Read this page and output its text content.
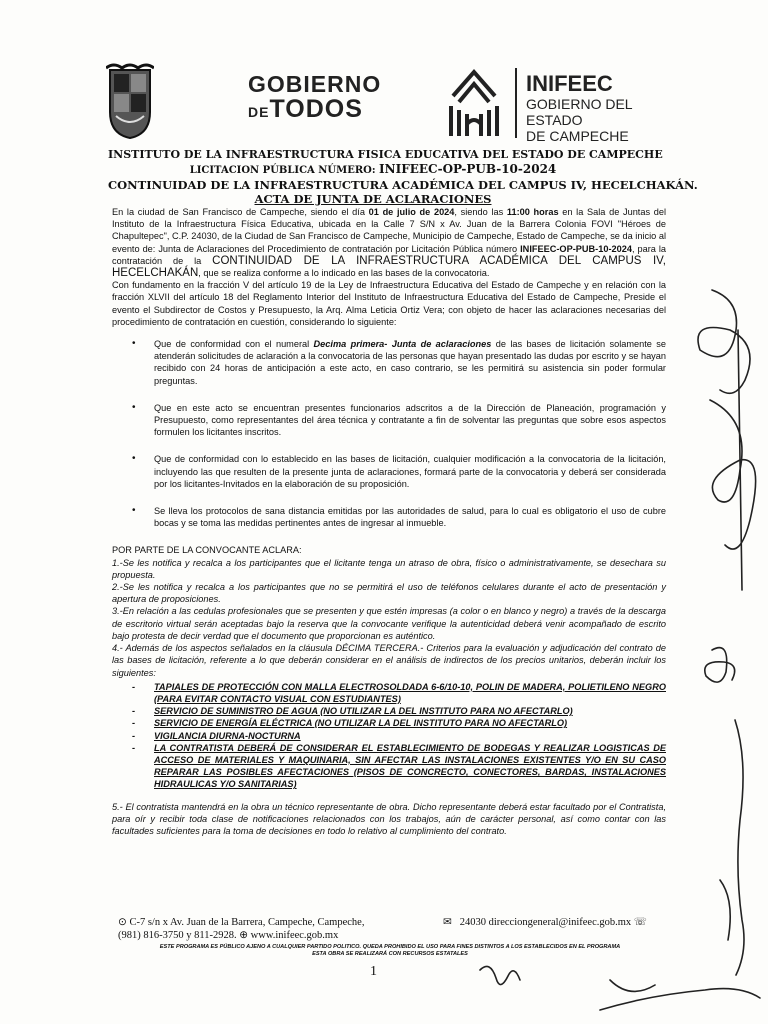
GOBIERNO
DETODOS
INIFEEC
GOBIERNO DEL ESTADO
DE CAMPECHE
INSTITUTO DE LA INFRAESTRUCTURA FISICA EDUCATIVA DEL ESTADO DE CAMPECHE
LICITACION PÚBLICA NÚMERO: INIFEEC-OP-PUB-10-2024
CONTINUIDAD DE LA INFRAESTRUCTURA ACADÉMICA DEL CAMPUS IV, HECELCHAKÁN.
ACTA DE JUNTA DE ACLARACIONES

En la ciudad de San Francisco de Campeche, siendo el día 01 de julio de 2024, siendo las 11:00 horas en la Sala de Juntas del Instituto de la Infraestructura Física Educativa, ubicada en la Calle 7 S/N x Av. Juan de la Barrera Colonia FOVI "Héroes de Chapultepec", C.P. 24030, de la Ciudad de San Francisco de Campeche, Municipio de Campeche, Estado de Campeche, se da inicio al evento de: Junta de Aclaraciones del Procedimiento de contratación por Licitación Pública número INIFEEC-OP-PUB-10-2024, para la contratación de la CONTINUIDAD DE LA INFRAESTRUCTURA ACADÉMICA DEL CAMPUS IV, HECELCHAKÁN, que se realiza conforme a lo indicado en las bases de la convocatoria.

Con fundamento en la fracción V del artículo 19 de la Ley de Infraestructura Educativa del Estado de Campeche y en relación con la fracción XLVII del artículo 18 del Reglamento Interior del Instituto de Infraestructura Educativa del Estado de Campeche, Preside el evento el Subdirector de Costos y Presupuesto, la Arq. Alma Leticia Ortiz Vera; con objeto de hacer las aclaraciones necesarias del procedimiento de contratación en cuestión, considerando lo siguiente:

• Que de conformidad con el numeral Decima primera- Junta de aclaraciones de las bases de licitación solamente se atenderán solicitudes de aclaración a la convocatoria de las personas que hayan presentado las dudas por escrito y se hayan recibido con 24 horas de anticipación a este acto, en caso contrario, se les permitirá su asistencia sin poder formular preguntas.
• Que en este acto se encuentran presentes funcionarios adscritos a de la Dirección de Planeación, programación y Presupuesto, como representantes del área técnica y contratante a fin de solventar las preguntas que sobre esos aspectos formulen los licitantes inscritos.
• Que de conformidad con lo establecido en las bases de licitación, cualquier modificación a la convocatoria de la licitación, incluyendo las que resulten de la presente junta de aclaraciones, formará parte de la convocatoria y deberá ser considerada por los licitantes-Invitados en la elaboración de su proposición.
• Se lleva los protocolos de sana distancia emitidas por las autoridades de salud, para lo cual es obligatorio el uso de cubre bocas y se toma las medidas pertinentes antes de ingresar al inmueble.

POR PARTE DE LA CONVOCANTE ACLARA:

1.-Se les notifica y recalca a los participantes que el licitante tenga un atraso de obra, físico o administrativamente, se desechara su propuesta.

2.-Se les notifica y recalca a los participantes que no se permitirá el uso de teléfonos celulares durante el acto de presentación y apertura de proposiciones.

3.-En relación a las cedulas profesionales que se presenten y que estén impresas (a color o en blanco y negro) a través de la descarga de escritorio virtual serán aceptadas bajo la reserva que la convocante verifique la autenticidad deberá venir acompañado de escrito bajo protesta de decir verdad que el documento que proporcionan es auténtico.

4.- Además de los aspectos señalados en la cláusula DÉCIMA TERCERA.- Criterios para la evaluación y adjudicación del contrato de las bases de licitación, referente a lo que deberán considerar en el análisis de indirectos de los precios unitarios, deberán incluir los siguientes:

- TAPIALES DE PROTECCIÓN CON MALLA ELECTROSOLDADA 6-6/10-10, POLIN DE MADERA, POLIETILENO NEGRO (PARA EVITAR CONTACTO VISUAL CON ESTUDIANTES)
- SERVICIO DE SUMINISTRO DE AGUA (NO UTILIZAR LA DEL INSTITUTO PARA NO AFECTARLO)
- SERVICIO DE ENERGÍA ELÉCTRICA (NO UTILIZAR LA DEL INSTITUTO PARA NO AFECTARLO)
- VIGILANCIA DIURNA-NOCTURNA
- LA CONTRATISTA DEBERÁ DE CONSIDERAR EL ESTABLECIMIENTO DE BODEGAS Y REALIZAR LOGISTICAS DE ACCESO DE MATERIALES Y MAQUINARIA, SIN AFECTAR LAS INSTALACIONES EXISTENTES Y/O EN SU CASO REPARAR LAS POSIBLES AFECTACIONES (PISOS DE CONCRECTO, CONECTORES, BARDAS, INSTALACIONES HIDRAULICAS Y/O SANITARIAS)

5.- El contratista mantendrá en la obra un técnico representante de obra. Dicho representante deberá estar facultado por el Contratista, para oír y recibir toda clase de notificaciones relacionados con los trabajos, aún de carácter personal, así como contar con las facultades suficientes para la toma de decisiones en todo lo relativo al cumplimiento del contrato.

⊙ C-7 s/n x Av. Juan de la Barrera, Campeche, Campeche,	✉ 24030 direcciongeneral@inifeec.gob.mx ☏
(981) 816-3750 y 811-2928. ⊕ www.inifeec.gob.mx
ESTE PROGRAMA ES PÚBLICO AJENO A CUALQUIER PARTIDO POLITICO. QUEDA PROHIBIDO EL USO PARA FINES DISTINTOS A LOS ESTABLECIDOS EN EL PROGRAMA
ESTA OBRA SE REALIZARÁ CON RECURSOS ESTATALES
1
